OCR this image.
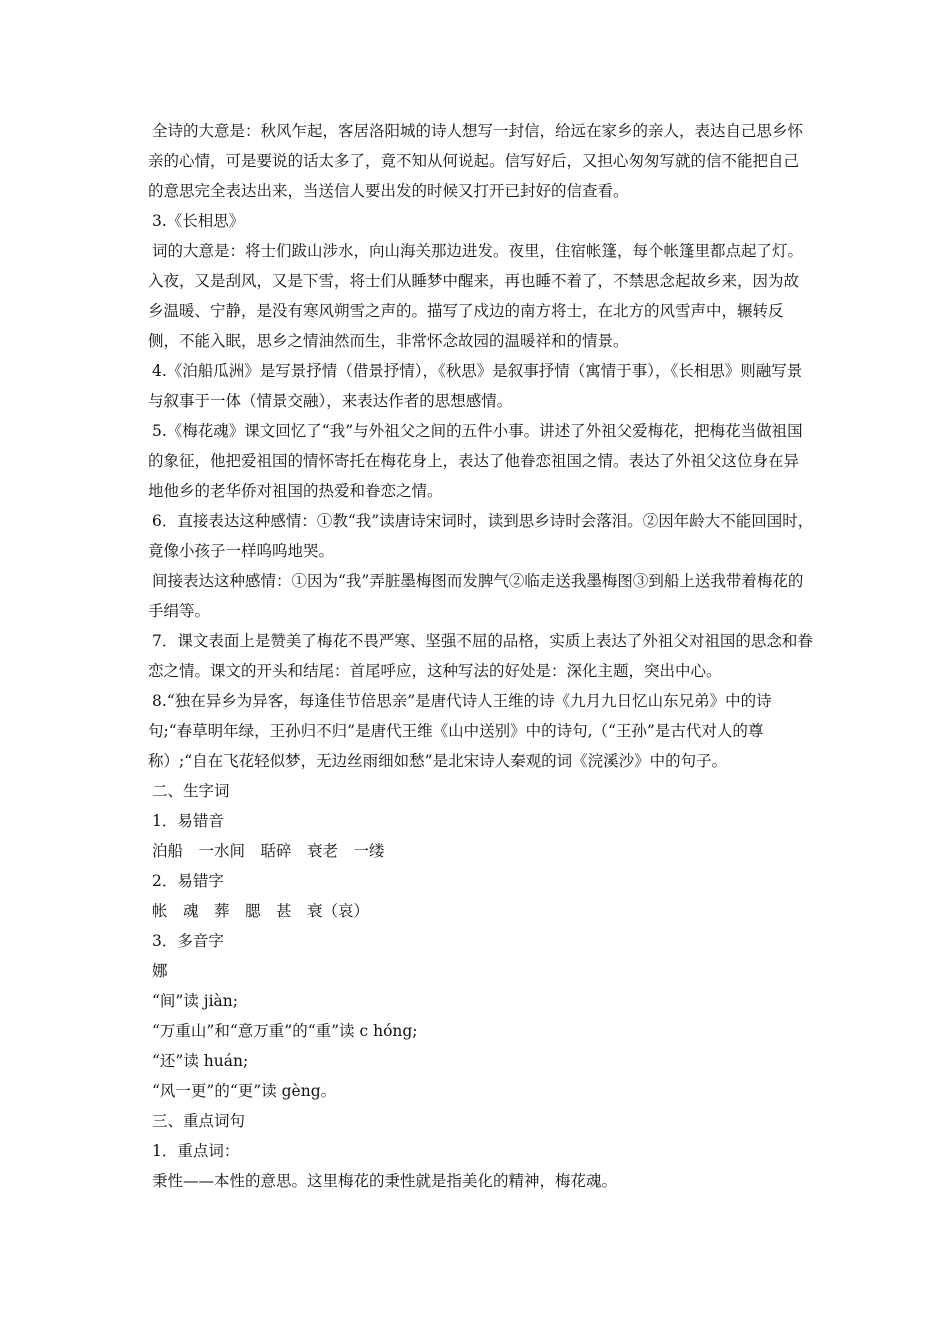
全诗的大意是：秋风乍起，客居洛阳城的诗人想写一封信，给远在家乡的亲人，表达自己思乡怀亲的心情，可是要说的话太多了，竟不知从何说起。信写好后，又担心匆匆写就的信不能把自己的意思完全表达出来，当送信人要出发的时候又打开已封好的信查看。

3.《长相思》

词的大意是：将士们跋山涉水，向山海关那边进发。夜里，住宿帐篷，每个帐篷里都点起了灯。入夜，又是刮风，又是下雪，将士们从睡梦中醒来，再也睡不着了，不禁思念起故乡来，因为故乡温暖、宁静，是没有寒风朔雪之声的。描写了戍边的南方将士，在北方的风雪声中，辗转反侧，不能入眠，思乡之情油然而生，非常怀念故园的温暖祥和的情景。

4.《泊船瓜洲》是写景抒情（借景抒情），《秋思》是叙事抒情（寓情于事），《长相思》则融写景与叙事于一体（情景交融），来表达作者的思想感情。

5.《梅花魂》课文回忆了“我”与外祖父之间的五件小事。讲述了外祖父爱梅花，把梅花当做祖国的象征，他把爱祖国的情怀寄托在梅花身上，表达了他眷恋祖国之情。表达了外祖父这位身在异地他乡的老华侨对祖国的热爱和眷恋之情。

6．直接表达这种感情：①教“我”读唐诗宋词时，读到思乡诗时会落泪。②因年龄大不能回国时，竟像小孩子一样呜呜地哭。

间接表达这种感情：①因为“我”弄脏墨梅图而发脾气②临走送我墨梅图③到船上送我带着梅花的手绢等。

7．课文表面上是赞美了梅花不畏严寒、坚强不屈的品格，实质上表达了外祖父对祖国的思念和眷恋之情。课文的开头和结尾：首尾呼应，这种写法的好处是：深化主题，突出中心。

8.“独在异乡为异客，每逢佳节倍思亲”是唐代诗人王维的诗《九月九日忆山东兄弟》中的诗句;“春草明年绿，王孙归不归”是唐代王维《山中送别》中的诗句,（“王孙”是古代对人的尊称）;“自在飞花轻似梦，无边丝雨细如愁”是北宋诗人秦观的词《浣溪沙》中的句子。

二、生字词

1．易错音

泊船　一水间　聒碎　衰老　一缕

2．易错字

帐　魂　葬　腮　甚　衰（哀）

3．多音字

娜

“间”读 jiàn;

“万重山”和“意万重”的“重”读 c hóng;

“还”读 huán;

“风一更”的“更”读 gèng。

三、重点词句

1．重点词：

秉性——本性的意思。这里梅花的秉性就是指美化的精神，梅花魂。
